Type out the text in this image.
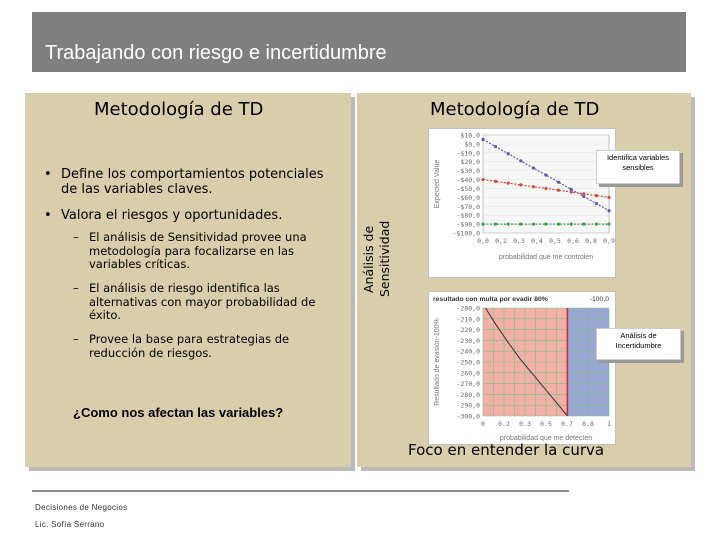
Trabajando con riesgo e incertidumbre
Metodología de TD
• Define los comportamientos potenciales de las variables claves.
• Valora el riesgos y oportunidades.
– El análisis de Sensitividad provee una metodología para focalizarse en las variables críticas.
– El análisis de riesgo identifica las alternativas con mayor probabilidad de éxito.
– Provee la base para estrategias de reducción de riesgos.
¿Como nos afectan las variables?
Metodología de TD
Análisis de Sensitividad
$10,0
$0,0
-$10,0
$20,0
-$30,0
-$40,0
-$50,0
-$60,0
-$70,0
-$80,0
-$90,0
-$100,0
0,0 0,2 0,3 0,4 0,5 0,6 0,8 0,9
Expected Value
probabilidad que me controlen
resultado con multa por evadir 80%	-100,0
-200,0
-210,0
-220,0
-230,0
-240,0
-250,0
-260,0
-270,0
-280,0
-290,0
-300,0
0 0.2 0.3 0.5 0.7 0.8 1
Resultado de evasión-100%
probabilidad que me detecten
Identifica variables
sensibles
Análisis de
Incertidumbre
Foco en entender la curva
Decisiones de Negocios
Lic. Sofía Serrano
